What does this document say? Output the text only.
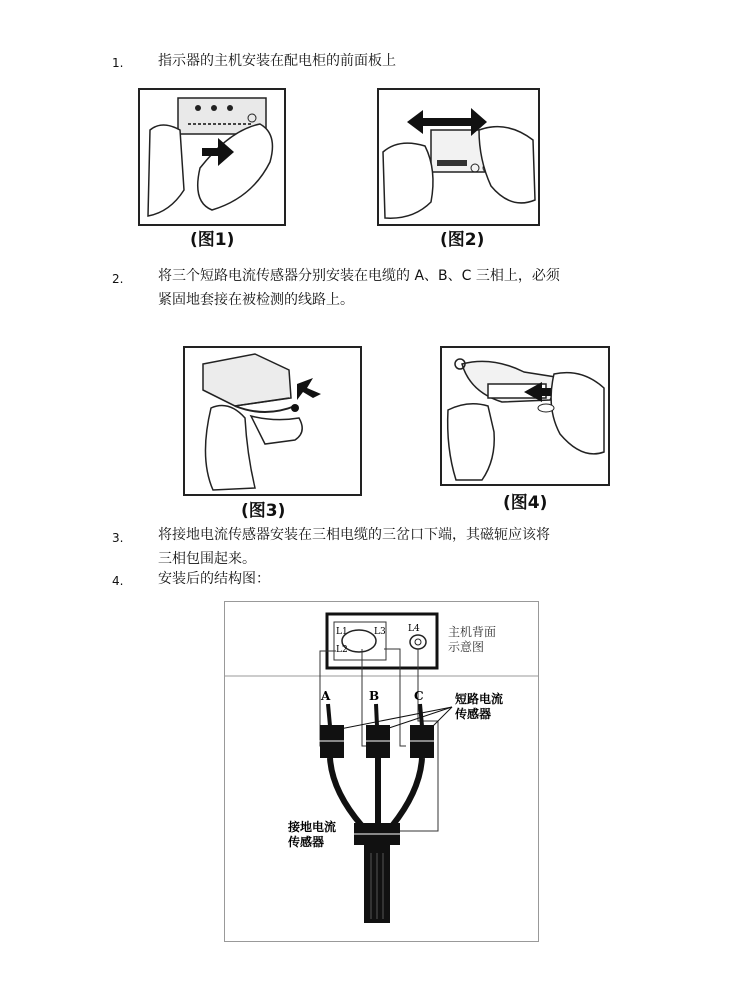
1. 指示器的主机安装在配电柜的前面板上
(图1)	(图2)
2. 将三个短路电流传感器分别安装在电缆的 A、B、C 三相上，必须
紧固地套接在被检测的线路上。
(图3)	(图4)
3. 将接地电流传感器安装在三相电缆的三岔口下端，其磁轭应该将
三相包围起来。
4. 安装后的结构图：
L1
L2
L3 L4 主机背面
示意图
A	B	C	短路电流
传感器
接地电流
传感器
